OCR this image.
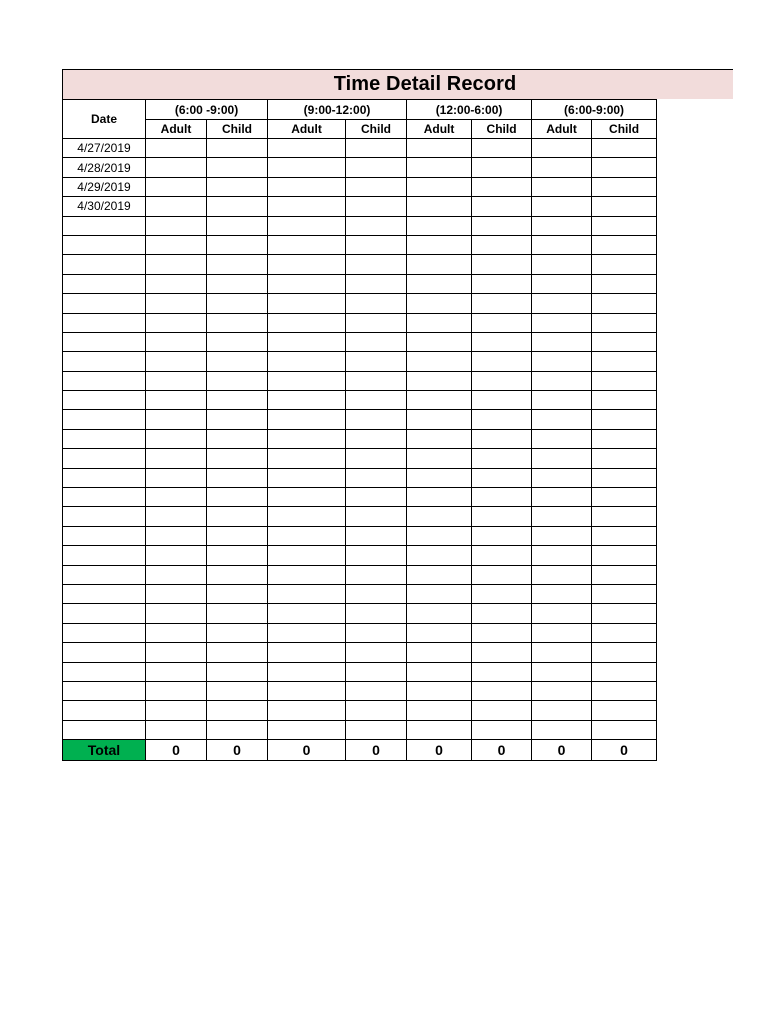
Time Detail Record
Date	(6:00 -9:00)		(9:00-12:00)		(12:00-6:00)		(6:00-9:00)	
	Adult	Child	Adult	Child	Adult	Child	Adult	Child
4/27/2019								
4/28/2019								
4/29/2019								
4/30/2019								

Total	0	0	0	0	0	0	0	0
